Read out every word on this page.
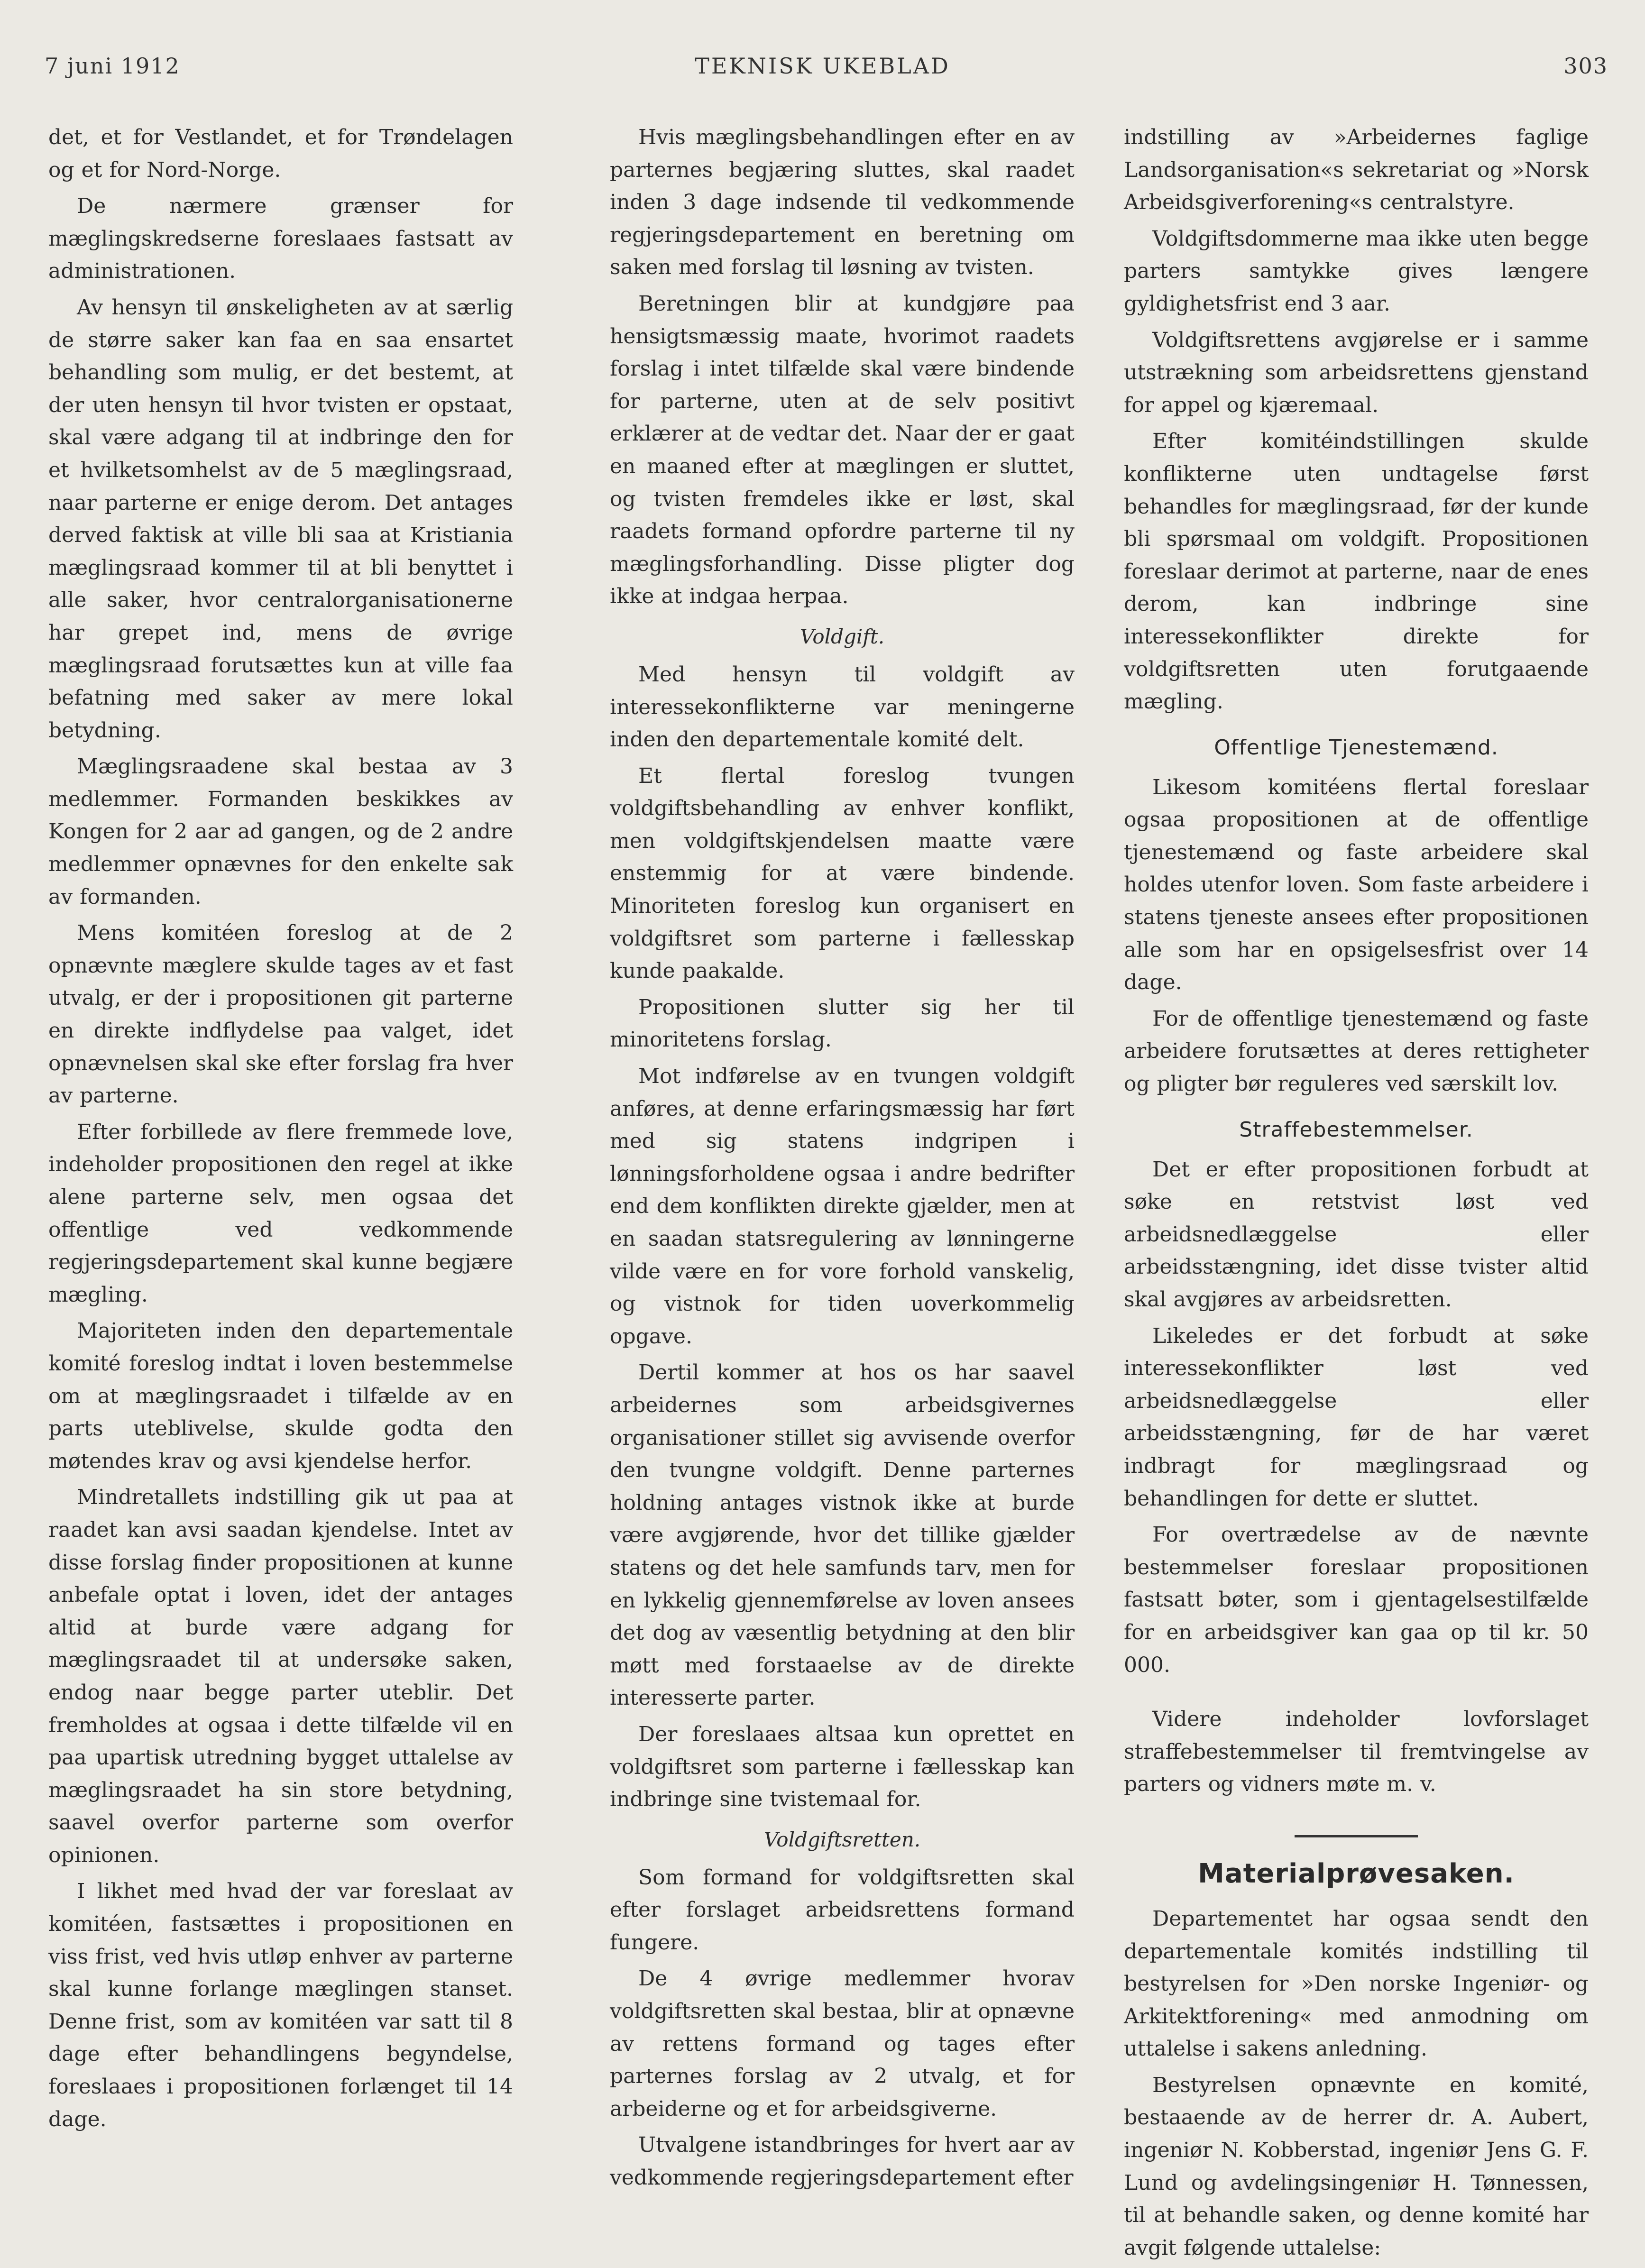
7 juni 1912	TEKNISK UKEBLAD	303

det, et for Vestlandet, et for Trøndelagen og et for Nord-Norge.

De nærmere grænser for mæglingskredserne foreslaaes fastsatt av administrationen.

Av hensyn til ønskeligheten av at særlig de større saker kan faa en saa ensartet behandling som mulig, er det bestemt, at der uten hensyn til hvor tvisten er opstaat, skal være adgang til at indbringe den for et hvilketsomhelst av de 5 mæglingsraad, naar parterne er enige derom. Det antages derved faktisk at ville bli saa at Kristiania mæglingsraad kommer til at bli benyttet i alle saker, hvor centralorganisationerne har grepet ind, mens de øvrige mæglingsraad forutsættes kun at ville faa befatning med saker av mere lokal betydning.

Mæglingsraadene skal bestaa av 3 medlemmer. Formanden beskikkes av Kongen for 2 aar ad gangen, og de 2 andre medlemmer opnævnes for den enkelte sak av formanden.

Mens komitéen foreslog at de 2 opnævnte mæglere skulde tages av et fast utvalg, er der i propositionen git parterne en direkte indflydelse paa valget, idet opnævnelsen skal ske efter forslag fra hver av parterne.

Efter forbillede av flere fremmede love, indeholder propositionen den regel at ikke alene parterne selv, men ogsaa det offentlige ved vedkommende regjeringsdepartement skal kunne begjære mægling.

Majoriteten inden den departementale komité foreslog indtat i loven bestemmelse om at mæglingsraadet i tilfælde av en parts uteblivelse, skulde godta den møtendes krav og avsi kjendelse herfor.

Mindretallets indstilling gik ut paa at raadet kan avsi saadan kjendelse. Intet av disse forslag finder propositionen at kunne anbefale optat i loven, idet der antages altid at burde være adgang for mæglingsraadet til at undersøke saken, endog naar begge parter uteblir. Det fremholdes at ogsaa i dette tilfælde vil en paa upartisk utredning bygget uttalelse av mæglingsraadet ha sin store betydning, saavel overfor parterne som overfor opinionen.

I likhet med hvad der var foreslaat av komitéen, fastsættes i propositionen en viss frist, ved hvis utløp enhver av parterne skal kunne forlange mæglingen stanset. Denne frist, som av komitéen var satt til 8 dage efter behandlingens begyndelse, foreslaaes i propositionen forlænget til 14 dage.

Hvis mæglingsbehandlingen efter en av parternes begjæring sluttes, skal raadet inden 3 dage indsende til vedkommende regjeringsdepartement en beretning om saken med forslag til løsning av tvisten.

Beretningen blir at kundgjøre paa hensigtsmæssig maate, hvorimot raadets forslag i intet tilfælde skal være bindende for parterne, uten at de selv positivt erklærer at de vedtar det. Naar der er gaat en maaned efter at mæglingen er sluttet, og tvisten fremdeles ikke er løst, skal raadets formand opfordre parterne til ny mæglingsforhandling. Disse pligter dog ikke at indgaa herpaa.

Voldgift.

Med hensyn til voldgift av interessekonflikterne var meningerne inden den departementale komité delt.

Et flertal foreslog tvungen voldgiftsbehandling av enhver konflikt, men voldgiftskjendelsen maatte være enstemmig for at være bindende. Minoriteten foreslog kun organisert en voldgiftsret som parterne i fællesskap kunde paakalde.

Propositionen slutter sig her til minoritetens forslag.

Mot indførelse av en tvungen voldgift anføres, at denne erfaringsmæssig har ført med sig statens indgripen i lønningsforholdene ogsaa i andre bedrifter end dem konflikten direkte gjælder, men at en saadan statsregulering av lønningerne vilde være en for vore forhold vanskelig, og vistnok for tiden uoverkommelig opgave.

Dertil kommer at hos os har saavel arbeidernes som arbeidsgivernes organisationer stillet sig avvisende overfor den tvungne voldgift. Denne parternes holdning antages vistnok ikke at burde være avgjørende, hvor det tillike gjælder statens og det hele samfunds tarv, men for en lykkelig gjennemførelse av loven ansees det dog av væsentlig betydning at den blir møtt med forstaaelse av de direkte interesserte parter.

Der foreslaaes altsaa kun oprettet en voldgiftsret som parterne i fællesskap kan indbringe sine tvistemaal for.

Voldgiftsretten.

Som formand for voldgiftsretten skal efter forslaget arbeidsrettens formand fungere.

De 4 øvrige medlemmer hvorav voldgiftsretten skal bestaa, blir at opnævne av rettens formand og tages efter parternes forslag av 2 utvalg, et for arbeiderne og et for arbeidsgiverne.

Utvalgene istandbringes for hvert aar av vedkommende regjeringsdepartement efter

indstilling av »Arbeidernes faglige Landsorganisation«s sekretariat og »Norsk Arbeidsgiverforening«s centralstyre.

Voldgiftsdommerne maa ikke uten begge parters samtykke gives længere gyldighetsfrist end 3 aar.

Voldgiftsrettens avgjørelse er i samme utstrækning som arbeidsrettens gjenstand for appel og kjæremaal.

Efter komitéindstillingen skulde konflikterne uten undtagelse først behandles for mæglingsraad, før der kunde bli spørsmaal om voldgift. Propositionen foreslaar derimot at parterne, naar de enes derom, kan indbringe sine interessekonflikter direkte for voldgiftsretten uten forutgaaende mægling.

Offentlige Tjenestemænd.

Likesom komitéens flertal foreslaar ogsaa propositionen at de offentlige tjenestemænd og faste arbeidere skal holdes utenfor loven. Som faste arbeidere i statens tjeneste ansees efter propositionen alle som har en opsigelsesfrist over 14 dage.

For de offentlige tjenestemænd og faste arbeidere forutsættes at deres rettigheter og pligter bør reguleres ved særskilt lov.

Straffebestemmelser.

Det er efter propositionen forbudt at søke en retstvist løst ved arbeidsnedlæggelse eller arbeidsstængning, idet disse tvister altid skal avgjøres av arbeidsretten.

Likeledes er det forbudt at søke interessekonflikter løst ved arbeidsnedlæggelse eller arbeidsstængning, før de har været indbragt for mæglingsraad og behandlingen for dette er sluttet.

For overtrædelse av de nævnte bestemmelser foreslaar propositionen fastsatt bøter, som i gjentagelsestilfælde for en arbeidsgiver kan gaa op til kr. 50 000.

Videre indeholder lovforslaget straffebestemmelser til fremtvingelse av parters og vidners møte m. v.

Materialprøvesaken.

Departementet har ogsaa sendt den departementale komités indstilling til bestyrelsen for »Den norske Ingeniør- og Arkitektforening« med anmodning om uttalelse i sakens anledning.

Bestyrelsen opnævnte en komité, bestaaende av de herrer dr. A. Aubert, ingeniør N. Kobberstad, ingeniør Jens G. F. Lund og avdelingsingeniør H. Tønnessen, til at behandle saken, og denne komité har avgit følgende uttalelse:
